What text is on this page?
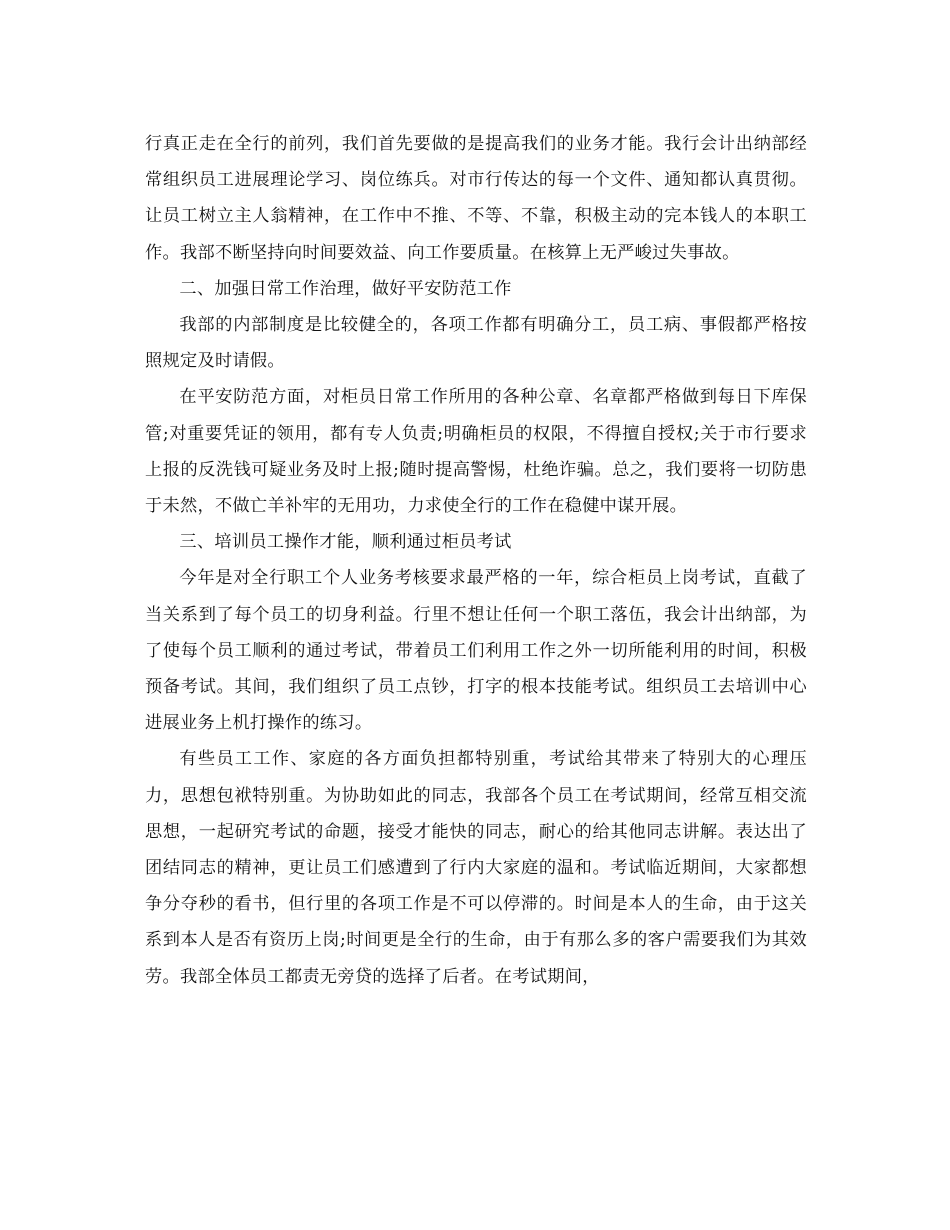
行真正走在全行的前列，我们首先要做的是提高我们的业务才能。我行会计出纳部经常组织员工进展理论学习、岗位练兵。对市行传达的每一个文件、通知都认真贯彻。让员工树立主人翁精神，在工作中不推、不等、不靠，积极主动的完本钱人的本职工作。我部不断坚持向时间要效益、向工作要质量。在核算上无严峻过失事故。

二、加强日常工作治理，做好平安防范工作

我部的内部制度是比较健全的，各项工作都有明确分工，员工病、事假都严格按照规定及时请假。

在平安防范方面，对柜员日常工作所用的各种公章、名章都严格做到每日下库保管;对重要凭证的领用，都有专人负责;明确柜员的权限，不得擅自授权;关于市行要求上报的反洗钱可疑业务及时上报;随时提高警惕，杜绝诈骗。总之，我们要将一切防患于未然，不做亡羊补牢的无用功，力求使全行的工作在稳健中谋开展。

三、培训员工操作才能，顺利通过柜员考试

今年是对全行职工个人业务考核要求最严格的一年，综合柜员上岗考试，直截了当关系到了每个员工的切身利益。行里不想让任何一个职工落伍，我会计出纳部，为了使每个员工顺利的通过考试，带着员工们利用工作之外一切所能利用的时间，积极预备考试。其间，我们组织了员工点钞，打字的根本技能考试。组织员工去培训中心进展业务上机打操作的练习。

有些员工工作、家庭的各方面负担都特别重，考试给其带来了特别大的心理压力，思想包袱特别重。为协助如此的同志，我部各个员工在考试期间，经常互相交流思想，一起研究考试的命题，接受才能快的同志，耐心的给其他同志讲解。表达出了团结同志的精神，更让员工们感遭到了行内大家庭的温和。考试临近期间，大家都想争分夺秒的看书，但行里的各项工作是不可以停滞的。时间是本人的生命，由于这关系到本人是否有资历上岗;时间更是全行的生命，由于有那么多的客户需要我们为其效劳。我部全体员工都责无旁贷的选择了后者。在考试期间，
